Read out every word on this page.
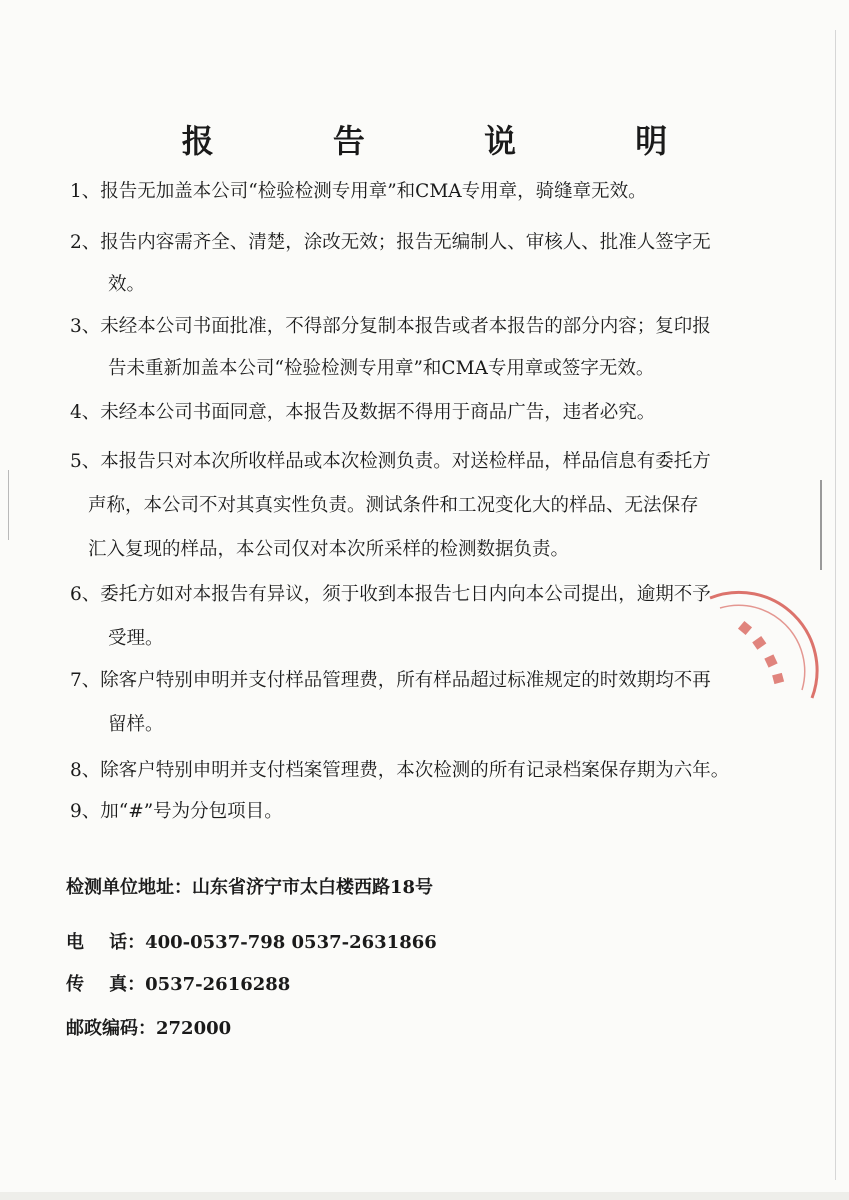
报 告 说 明
1、报告无加盖本公司“检验检测专用章”和CMA专用章，骑缝章无效。
2、报告内容需齐全、清楚，涂改无效；报告无编制人、审核人、批准人签字无
效。
3、未经本公司书面批准，不得部分复制本报告或者本报告的部分内容；复印报
告未重新加盖本公司“检验检测专用章”和CMA专用章或签字无效。
4、未经本公司书面同意，本报告及数据不得用于商品广告，违者必究。
5、本报告只对本次所收样品或本次检测负责。对送检样品，样品信息有委托方
声称，本公司不对其真实性负责。测试条件和工况变化大的样品、无法保存
汇入复现的样品，本公司仅对本次所采样的检测数据负责。
6、委托方如对本报告有异议，须于收到本报告七日内向本公司提出，逾期不予
受理。
7、除客户特别申明并支付样品管理费，所有样品超过标准规定的时效期均不再
留样。
8、除客户特别申明并支付档案管理费，本次检测的所有记录档案保存期为六年。
9、加“#”号为分包项目。
检测单位地址：山东省济宁市太白楼西路18号
电    话：400-0537-798 0537-2631866
传    真：0537-2616288
邮政编码：272000
